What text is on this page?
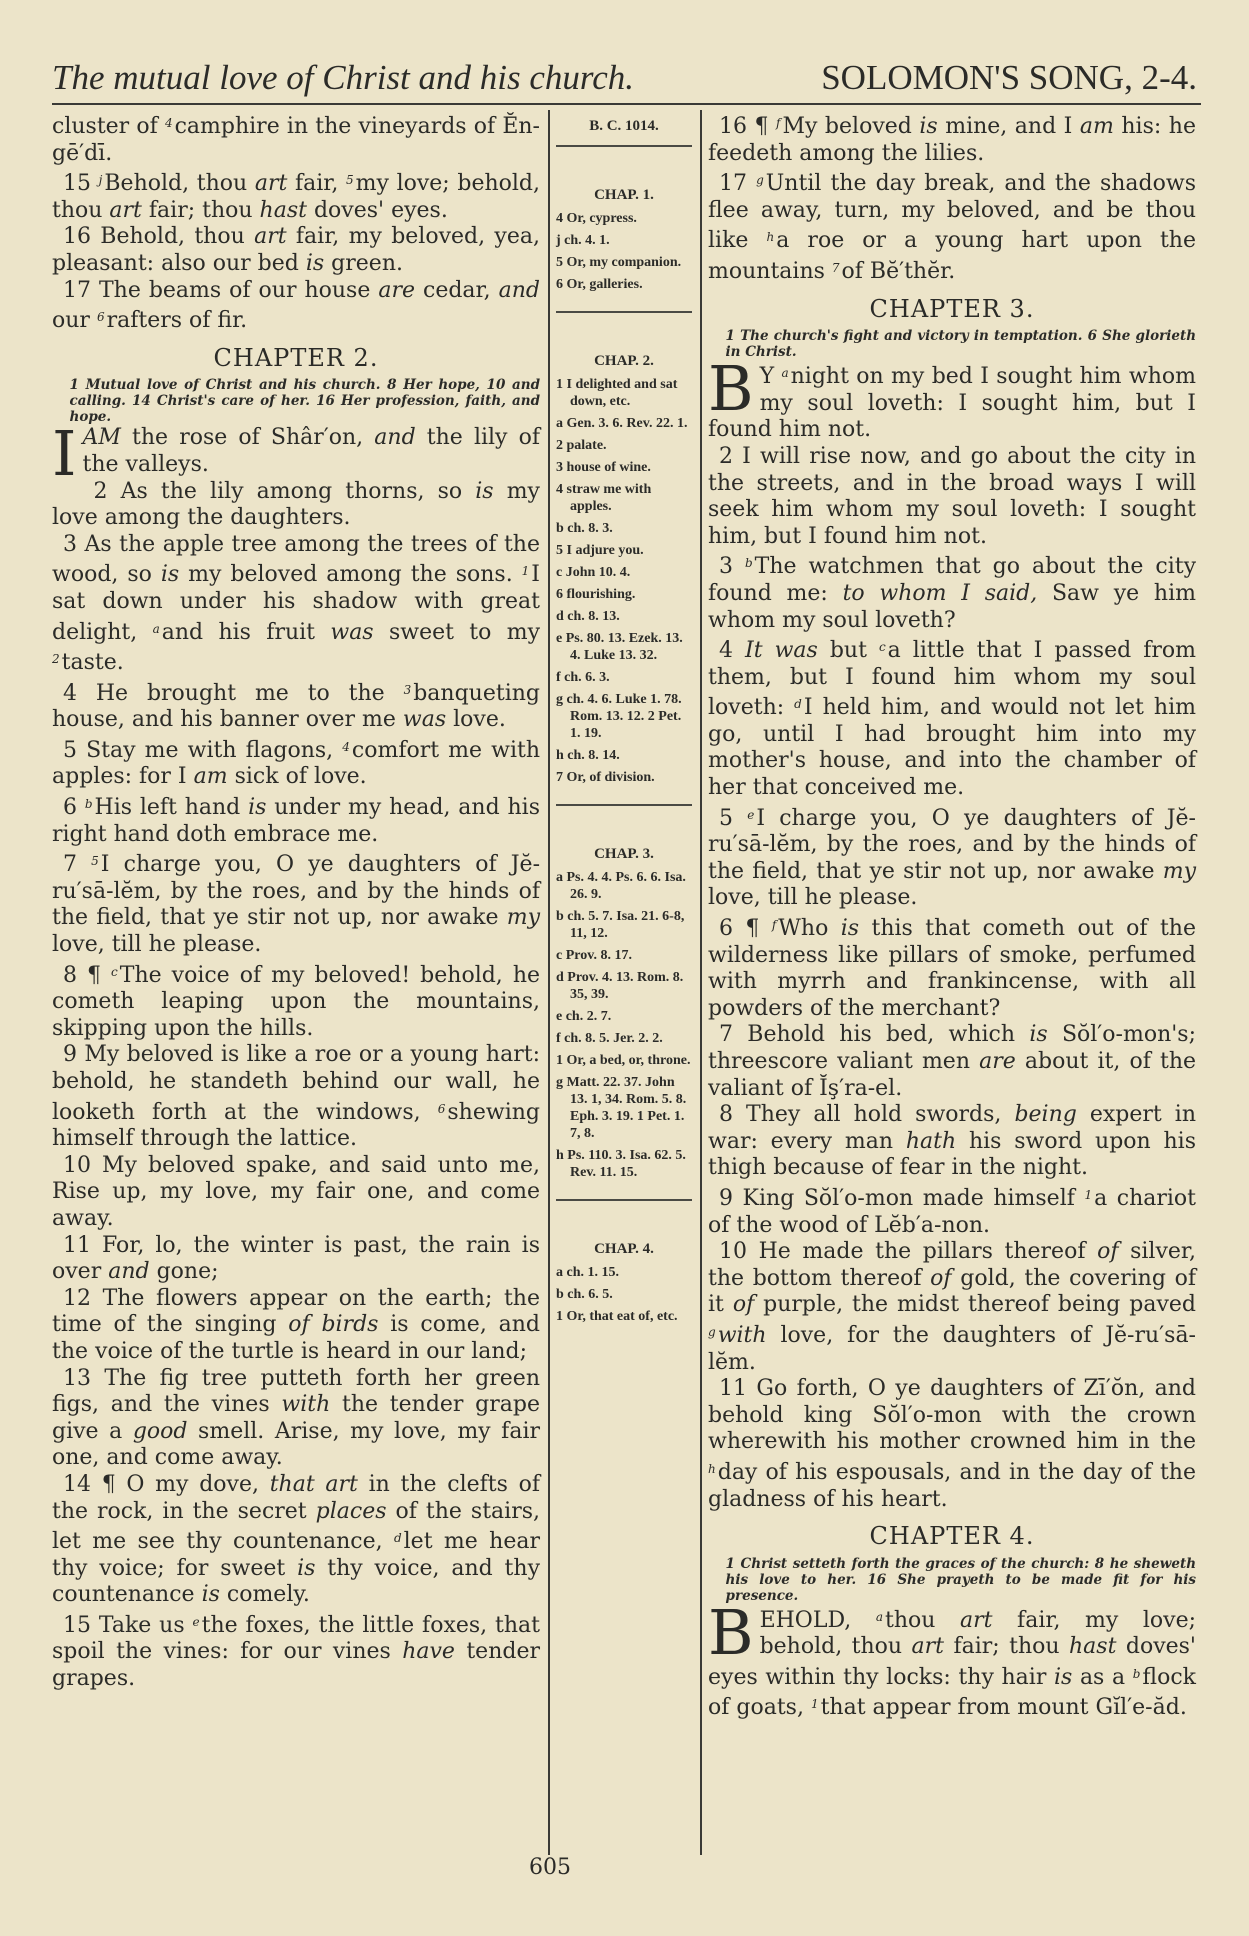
The mutual love of Christ and his church.	SOLOMON'S SONG, 2-4.

cluster of $^4$camphire in the vineyards of Ĕn-gē′dī.

15 $^j$Behold, thou art fair, $^5$my love; behold, thou art fair; thou hast doves' eyes.

16 Behold, thou art fair, my beloved, yea, pleasant: also our bed is green.

17 The beams of our house are cedar, and our $^6$rafters of fir.

CHAPTER 2.

1 Mutual love of Christ and his church. 8 Her hope, 10 and calling. 14 Christ's care of her. 16 Her profession, faith, and hope.

IAM the rose of Shâr′on, and the lily of the valleys.

2 As the lily among thorns, so is my love among the daughters.

3 As the apple tree among the trees of the wood, so is my beloved among the sons. $^1$I sat down under his shadow with great delight, $^a$and his fruit was sweet to my $^2$taste.

4 He brought me to the $^3$banqueting house, and his banner over me was love.

5 Stay me with flagons, $^4$comfort me with apples: for I am sick of love.

6 $^b$His left hand is under my head, and his right hand doth embrace me.

7 $^5$I charge you, O ye daughters of Jĕ-ru′sā-lĕm, by the roes, and by the hinds of the field, that ye stir not up, nor awake my love, till he please.

8 ¶ $^c$The voice of my beloved! behold, he cometh leaping upon the mountains, skipping upon the hills.

9 My beloved is like a roe or a young hart: behold, he standeth behind our wall, he looketh forth at the windows, $^6$shewing himself through the lattice.

10 My beloved spake, and said unto me, Rise up, my love, my fair one, and come away.

11 For, lo, the winter is past, the rain is over and gone;

12 The flowers appear on the earth; the time of the singing of birds is come, and the voice of the turtle is heard in our land;

13 The fig tree putteth forth her green figs, and the vines with the tender grape give a good smell. Arise, my love, my fair one, and come away.

14 ¶ O my dove, that art in the clefts of the rock, in the secret places of the stairs, let me see thy countenance, $^d$let me hear thy voice; for sweet is thy voice, and thy countenance is comely.

15 Take us $^e$the foxes, the little foxes, that spoil the vines: for our vines have tender grapes.

B. C. 1014.
CHAP. 1.
4 Or, cypress.
j ch. 4. 1.
5 Or, my companion.
6 Or, galleries.
CHAP. 2.
1 I delighted and sat down, etc.
a Gen. 3. 6. Rev. 22. 1.
2 palate.
3 house of wine.
4 straw me with apples.
b ch. 8. 3.
5 I adjure you.
c John 10. 4.
6 flourishing.
d ch. 8. 13.
e Ps. 80. 13. Ezek. 13. 4. Luke 13. 32.
f ch. 6. 3.
g ch. 4. 6. Luke 1. 78. Rom. 13. 12. 2 Pet. 1. 19.
h ch. 8. 14.
7 Or, of division.
CHAP. 3.
a Ps. 4. 4. Ps. 6. 6. Isa. 26. 9.
b ch. 5. 7. Isa. 21. 6-8, 11, 12.
c Prov. 8. 17.
d Prov. 4. 13. Rom. 8. 35, 39.
e ch. 2. 7.
f ch. 8. 5. Jer. 2. 2.
1 Or, a bed, or, throne.
g Matt. 22. 37. John 13. 1, 34. Rom. 5. 8. Eph. 3. 19. 1 Pet. 1. 7, 8.
h Ps. 110. 3. Isa. 62. 5. Rev. 11. 15.
CHAP. 4.
a ch. 1. 15.
b ch. 6. 5.
1 Or, that eat of, etc.

16 ¶ $^f$My beloved is mine, and I am his: he feedeth among the lilies.

17 $^g$Until the day break, and the shadows flee away, turn, my beloved, and be thou like $^h$a roe or a young hart upon the mountains $^7$of Bĕ′thĕr.

CHAPTER 3.

1 The church's fight and victory in temptation. 6 She glorieth in Christ.

B Y $^a$night on my bed I sought him whom my soul loveth: I sought him, but I found him not.

2 I will rise now, and go about the city in the streets, and in the broad ways I will seek him whom my soul loveth: I sought him, but I found him not.

3 $^b$The watchmen that go about the city found me: to whom I said, Saw ye him whom my soul loveth?

4 It was but $^c$a little that I passed from them, but I found him whom my soul loveth: $^d$I held him, and would not let him go, until I had brought him into my mother's house, and into the chamber of her that conceived me.

5 $^e$I charge you, O ye daughters of Jĕ-ru′sā-lĕm, by the roes, and by the hinds of the field, that ye stir not up, nor awake my love, till he please.

6 ¶ $^f$Who is this that cometh out of the wilderness like pillars of smoke, perfumed with myrrh and frankincense, with all powders of the merchant?

7 Behold his bed, which is Sŏl′o-mon's; threescore valiant men are about it, of the valiant of Ĭş′ra-el.

8 They all hold swords, being expert in war: every man hath his sword upon his thigh because of fear in the night.

9 King Sŏl′o-mon made himself $^1$a chariot of the wood of Lĕb′a-non.

10 He made the pillars thereof of silver, the bottom thereof of gold, the covering of it of purple, the midst thereof being paved $^g$with love, for the daughters of Jĕ-ru′sā-lĕm.

11 Go forth, O ye daughters of Zī′ŏn, and behold king Sŏl′o-mon with the crown wherewith his mother crowned him in the $^h$day of his espousals, and in the day of the gladness of his heart.

CHAPTER 4.

1 Christ setteth forth the graces of the church: 8 he sheweth his love to her. 16 She prayeth to be made fit for his presence.

BEHOLD, $^a$thou art fair, my love; behold, thou art fair; thou hast doves' eyes within thy locks: thy hair is as a $^b$flock of goats, $^1$that appear from mount Gĭl′e-ăd.

605
